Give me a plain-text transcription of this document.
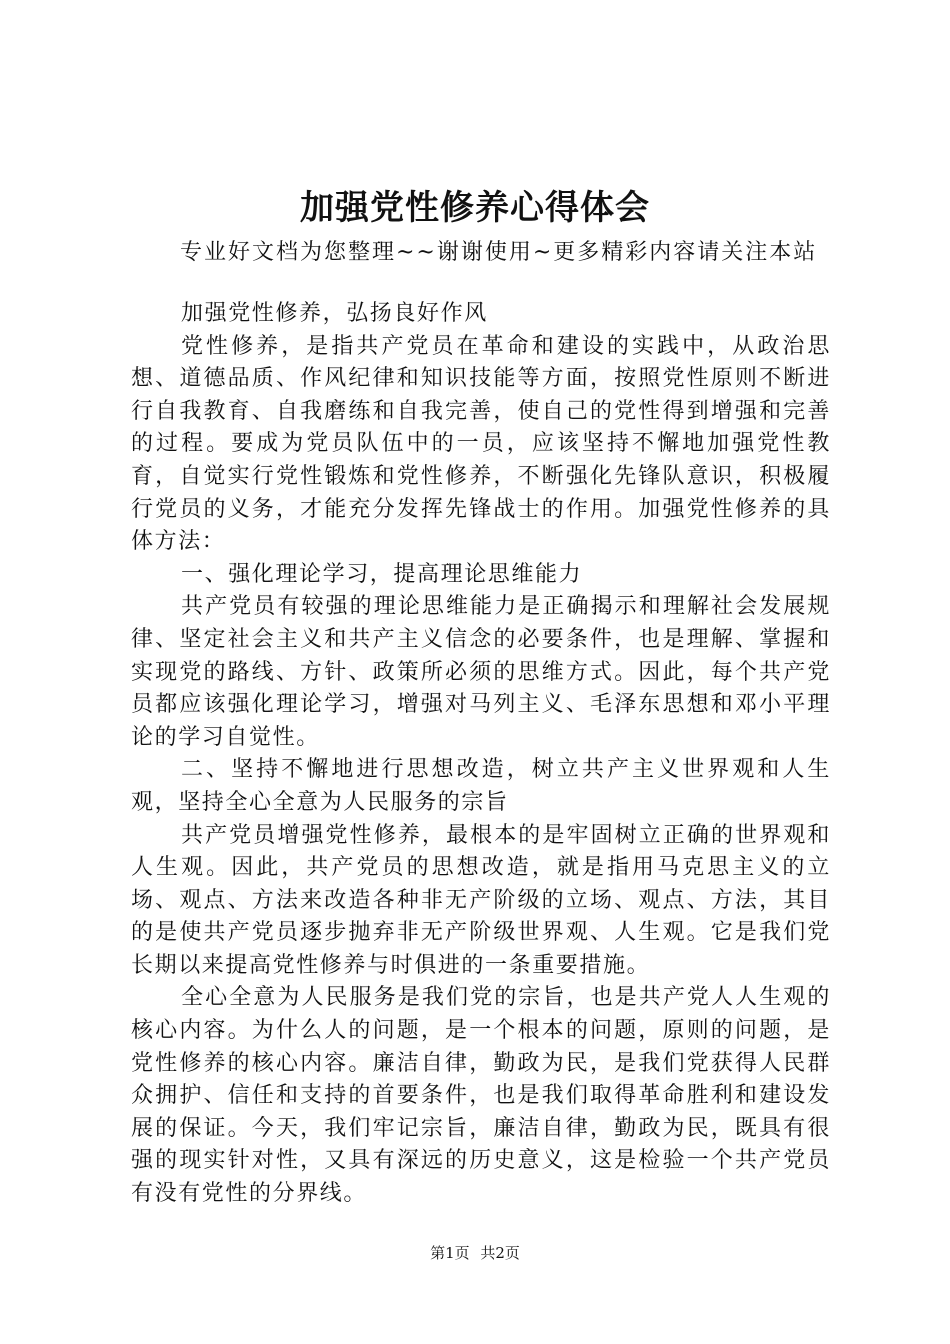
加强党性修养心得体会
专业好文档为您整理~~谢谢使用~更多精彩内容请关注本站

加强党性修养，弘扬良好作风

党性修养，是指共产党员在革命和建设的实践中，从政治思想、道德品质、作风纪律和知识技能等方面，按照党性原则不断进行自我教育、自我磨练和自我完善，使自己的党性得到增强和完善的过程。要成为党员队伍中的一员，应该坚持不懈地加强党性教育，自觉实行党性锻炼和党性修养，不断强化先锋队意识，积极履行党员的义务，才能充分发挥先锋战士的作用。加强党性修养的具体方法：

一、强化理论学习，提高理论思维能力

共产党员有较强的理论思维能力是正确揭示和理解社会发展规律、坚定社会主义和共产主义信念的必要条件，也是理解、掌握和实现党的路线、方针、政策所必须的思维方式。因此，每个共产党员都应该强化理论学习，增强对马列主义、毛泽东思想和邓小平理论的学习自觉性。

二、坚持不懈地进行思想改造，树立共产主义世界观和人生观，坚持全心全意为人民服务的宗旨

共产党员增强党性修养，最根本的是牢固树立正确的世界观和人生观。因此，共产党员的思想改造，就是指用马克思主义的立场、观点、方法来改造各种非无产阶级的立场、观点、方法，其目的是使共产党员逐步抛弃非无产阶级世界观、人生观。它是我们党长期以来提高党性修养与时俱进的一条重要措施。

全心全意为人民服务是我们党的宗旨，也是共产党人人生观的核心内容。为什么人的问题，是一个根本的问题，原则的问题，是党性修养的核心内容。廉洁自律，勤政为民，是我们党获得人民群众拥护、信任和支持的首要条件，也是我们取得革命胜利和建设发展的保证。今天，我们牢记宗旨，廉洁自律，勤政为民，既具有很强的现实针对性，又具有深远的历史意义，这是检验一个共产党员有没有党性的分界线。

第1页 共2页
